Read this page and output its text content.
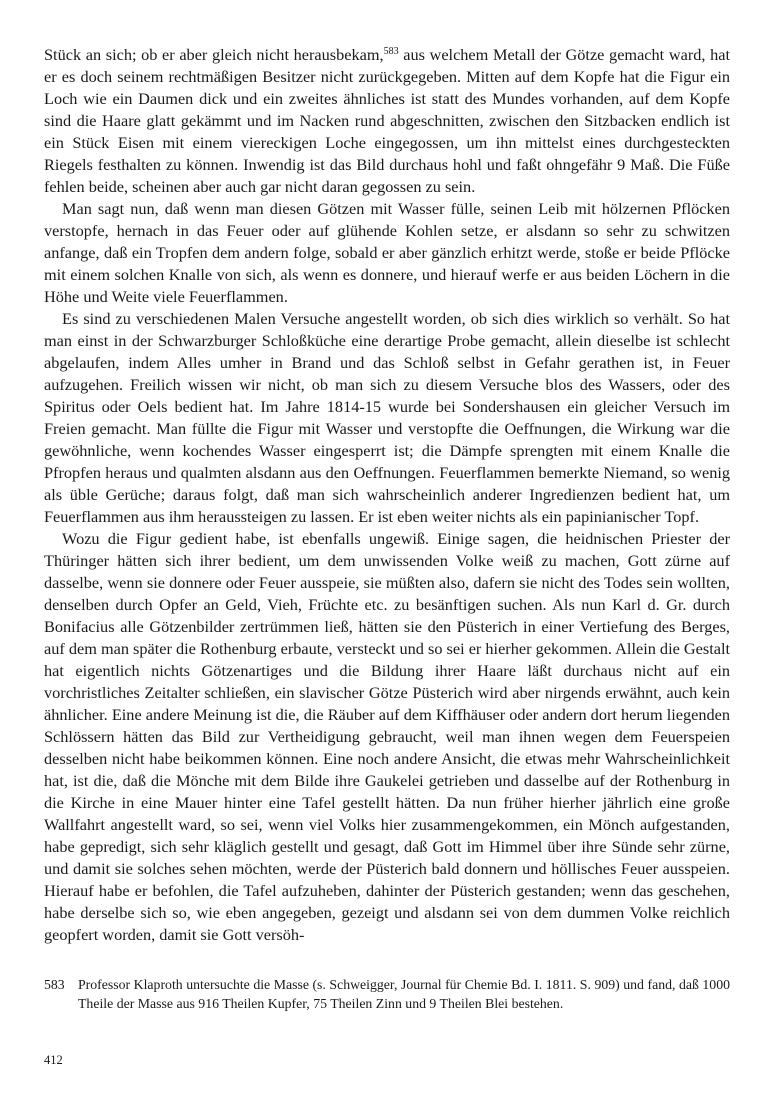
Stück an sich; ob er aber gleich nicht herausbekam,$^{583}$ aus welchem Metall der Götze gemacht ward, hat er es doch seinem rechtmäßigen Besitzer nicht zurückgegeben. Mitten auf dem Kopfe hat die Figur ein Loch wie ein Daumen dick und ein zweites ähnliches ist statt des Mundes vorhanden, auf dem Kopfe sind die Haare glatt gekämmt und im Nacken rund abgeschnitten, zwischen den Sitzbacken endlich ist ein Stück Eisen mit einem viereckigen Loche eingegossen, um ihn mittelst eines durchgesteckten Riegels festhalten zu können. Inwendig ist das Bild durchaus hohl und faßt ohngefähr 9 Maß. Die Füße fehlen beide, scheinen aber auch gar nicht daran gegossen zu sein.

Man sagt nun, daß wenn man diesen Götzen mit Wasser fülle, seinen Leib mit hölzernen Pflöcken verstopfe, hernach in das Feuer oder auf glühende Kohlen setze, er alsdann so sehr zu schwitzen anfange, daß ein Tropfen dem andern folge, sobald er aber gänzlich erhitzt werde, stoße er beide Pflöcke mit einem solchen Knalle von sich, als wenn es donnere, und hierauf werfe er aus beiden Löchern in die Höhe und Weite viele Feuerflammen.

Es sind zu verschiedenen Malen Versuche angestellt worden, ob sich dies wirklich so verhält. So hat man einst in der Schwarzburger Schloßküche eine derartige Probe gemacht, allein dieselbe ist schlecht abgelaufen, indem Alles umher in Brand und das Schloß selbst in Gefahr gerathen ist, in Feuer aufzugehen. Freilich wissen wir nicht, ob man sich zu diesem Versuche blos des Wassers, oder des Spiritus oder Oels bedient hat. Im Jahre 1814-15 wurde bei Sondershausen ein gleicher Versuch im Freien gemacht. Man füllte die Figur mit Wasser und verstopfte die Oeffnungen, die Wirkung war die gewöhnliche, wenn kochendes Wasser eingesperrt ist; die Dämpfe sprengten mit einem Knalle die Pfropfen heraus und qualmten alsdann aus den Oeffnungen. Feuerflammen bemerkte Niemand, so wenig als üble Gerüche; daraus folgt, daß man sich wahrscheinlich anderer Ingredienzen bedient hat, um Feuerflammen aus ihm heraussteigen zu lassen. Er ist eben weiter nichts als ein papinianischer Topf.

Wozu die Figur gedient habe, ist ebenfalls ungewiß. Einige sagen, die heidnischen Priester der Thüringer hätten sich ihrer bedient, um dem unwissenden Volke weiß zu machen, Gott zürne auf dasselbe, wenn sie donnere oder Feuer ausspeie, sie müßten also, dafern sie nicht des Todes sein wollten, denselben durch Opfer an Geld, Vieh, Früchte etc. zu besänftigen suchen. Als nun Karl d. Gr. durch Bonifacius alle Götzenbilder zertrümmen ließ, hätten sie den Püsterich in einer Vertiefung des Berges, auf dem man später die Rothenburg erbaute, versteckt und so sei er hierher gekommen. Allein die Gestalt hat eigentlich nichts Götzenartiges und die Bildung ihrer Haare läßt durchaus nicht auf ein vorchristliches Zeitalter schließen, ein slavischer Götze Püsterich wird aber nirgends erwähnt, auch kein ähnlicher. Eine andere Meinung ist die, die Räuber auf dem Kiffhäuser oder andern dort herum liegenden Schlössern hätten das Bild zur Vertheidigung gebraucht, weil man ihnen wegen dem Feuerspeien desselben nicht habe beikommen können. Eine noch andere Ansicht, die etwas mehr Wahrscheinlichkeit hat, ist die, daß die Mönche mit dem Bilde ihre Gaukelei getrieben und dasselbe auf der Rothenburg in die Kirche in eine Mauer hinter eine Tafel gestellt hätten. Da nun früher hierher jährlich eine große Wallfahrt angestellt ward, so sei, wenn viel Volks hier zusammengekommen, ein Mönch aufgestanden, habe gepredigt, sich sehr kläglich gestellt und gesagt, daß Gott im Himmel über ihre Sünde sehr zürne, und damit sie solches sehen möchten, werde der Püsterich bald donnern und höllisches Feuer ausspeien. Hierauf habe er befohlen, die Tafel aufzuheben, dahinter der Püsterich gestanden; wenn das geschehen, habe derselbe sich so, wie eben angegeben, gezeigt und alsdann sei von dem dummen Volke reichlich geopfert worden, damit sie Gott versöh-

583 Professor Klaproth untersuchte die Masse (s. Schweigger, Journal für Chemie Bd. I. 1811. S. 909) und fand, daß 1000 Theile der Masse aus 916 Theilen Kupfer, 75 Theilen Zinn und 9 Theilen Blei bestehen.
412
